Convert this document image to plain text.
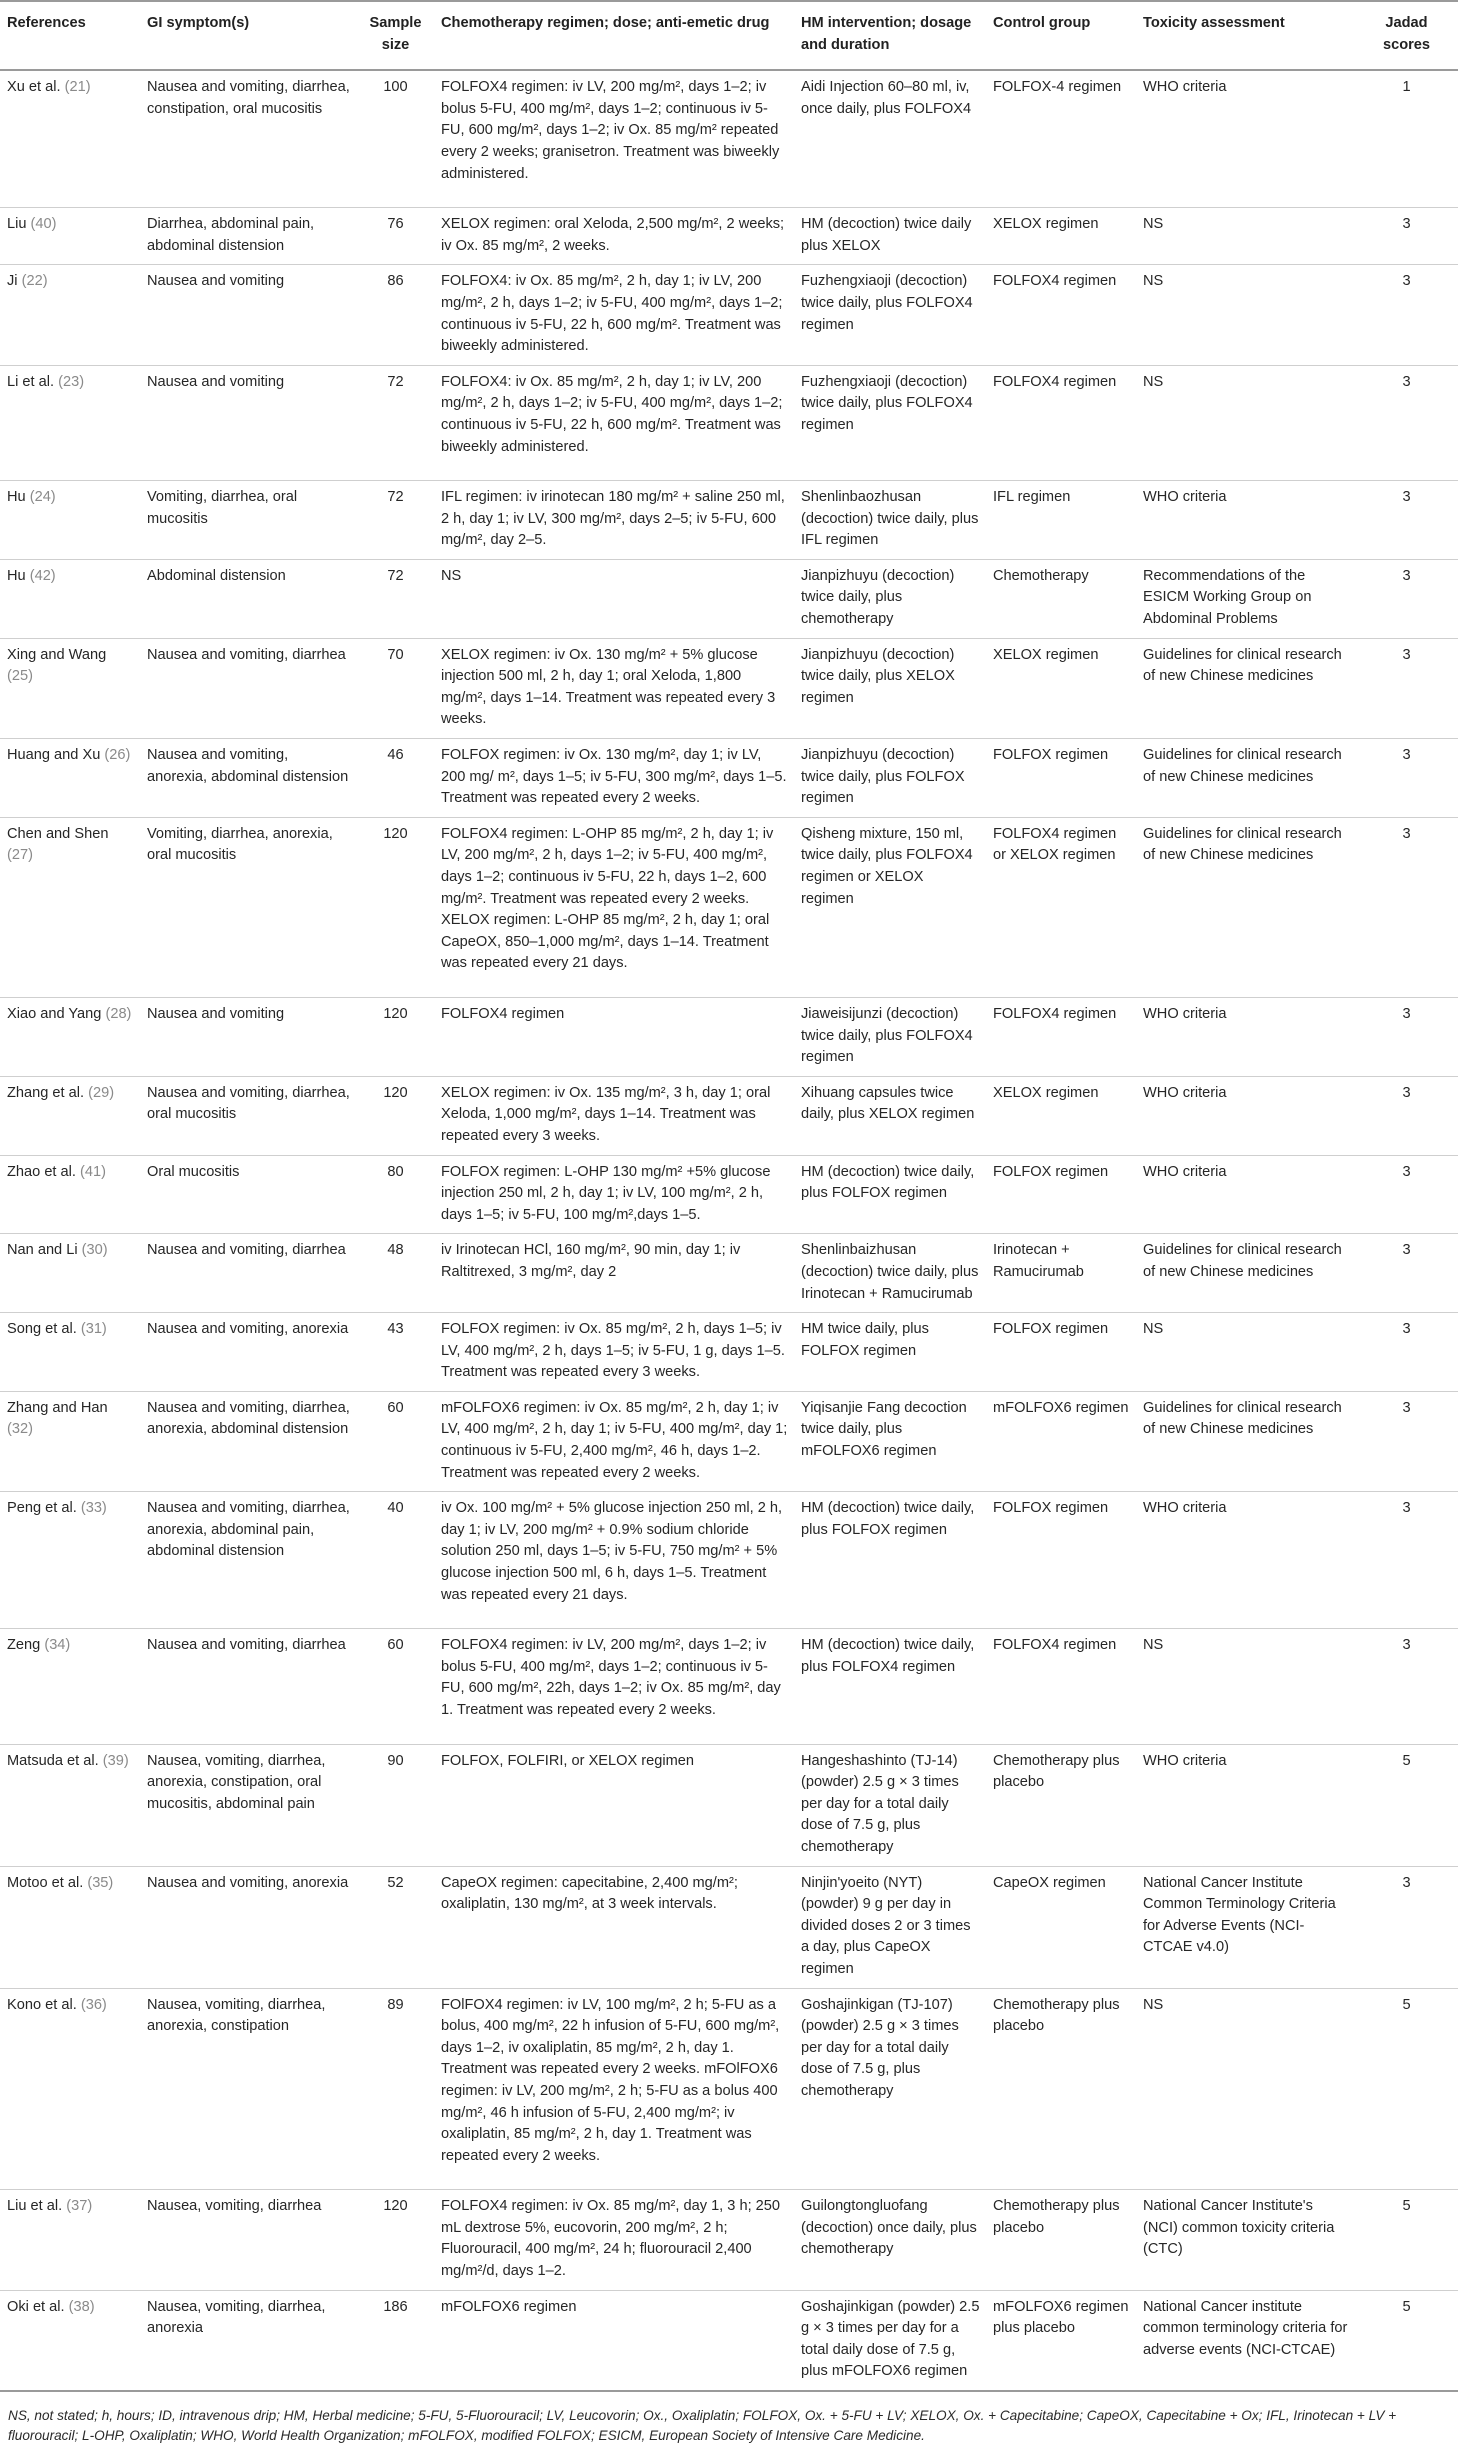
References	GI symptom(s)	Sample size	Chemotherapy regimen; dose; anti-emetic drug	HM intervention; dosage and duration	Control group	Toxicity assessment	Jadad scores
Xu et al. (21)	Nausea and vomiting, diarrhea, constipation, oral mucositis	100	FOLFOX4 regimen: iv LV, 200 mg/m², days 1–2; iv bolus 5-FU, 400 mg/m², days 1–2; continuous iv 5-FU, 600 mg/m², days 1–2; iv Ox. 85 mg/m² repeated every 2 weeks; granisetron. Treatment was biweekly administered.	Aidi Injection 60–80 ml, iv, once daily, plus FOLFOX4	FOLFOX-4 regimen	WHO criteria	1
Liu (40)	Diarrhea, abdominal pain, abdominal distension	76	XELOX regimen: oral Xeloda, 2,500 mg/m², 2 weeks; iv Ox. 85 mg/m², 2 weeks.	HM (decoction) twice daily plus XELOX	XELOX regimen	NS	3
Ji (22)	Nausea and vomiting	86	FOLFOX4: iv Ox. 85 mg/m², 2 h, day 1; iv LV, 200 mg/m², 2 h, days 1–2; iv 5-FU, 400 mg/m², days 1–2; continuous iv 5-FU, 22 h, 600 mg/m². Treatment was biweekly administered.	Fuzhengxiaoji (decoction) twice daily, plus FOLFOX4 regimen	FOLFOX4 regimen	NS	3
Li et al. (23)	Nausea and vomiting	72	FOLFOX4: iv Ox. 85 mg/m², 2 h, day 1; iv LV, 200 mg/m², 2 h, days 1–2; iv 5-FU, 400 mg/m², days 1–2; continuous iv 5-FU, 22 h, 600 mg/m². Treatment was biweekly administered.	Fuzhengxiaoji (decoction) twice daily, plus FOLFOX4 regimen	FOLFOX4 regimen	NS	3
Hu (24)	Vomiting, diarrhea, oral mucositis	72	IFL regimen: iv irinotecan 180 mg/m² + saline 250 ml, 2 h, day 1; iv LV, 300 mg/m², days 2–5; iv 5-FU, 600 mg/m², day 2–5.	Shenlinbaozhusan (decoction) twice daily, plus IFL regimen	IFL regimen	WHO criteria	3
Hu (42)	Abdominal distension	72	NS	Jianpizhuyu (decoction) twice daily, plus chemotherapy	Chemotherapy	Recommendations of the ESICM Working Group on Abdominal Problems	3
Xing and Wang (25)	Nausea and vomiting, diarrhea	70	XELOX regimen: iv Ox. 130 mg/m² + 5% glucose injection 500 ml, 2 h, day 1; oral Xeloda, 1,800 mg/m², days 1–14. Treatment was repeated every 3 weeks.	Jianpizhuyu (decoction) twice daily, plus XELOX regimen	XELOX regimen	Guidelines for clinical research of new Chinese medicines	3
Huang and Xu (26)	Nausea and vomiting, anorexia, abdominal distension	46	FOLFOX regimen: iv Ox. 130 mg/m², day 1; iv LV, 200 mg/ m², days 1–5; iv 5-FU, 300 mg/m², days 1–5. Treatment was repeated every 2 weeks.	Jianpizhuyu (decoction) twice daily, plus FOLFOX regimen	FOLFOX regimen	Guidelines for clinical research of new Chinese medicines	3
Chen and Shen (27)	Vomiting, diarrhea, anorexia, oral mucositis	120	FOLFOX4 regimen: L-OHP 85 mg/m², 2 h, day 1; iv LV, 200 mg/m², 2 h, days 1–2; iv 5-FU, 400 mg/m², days 1–2; continuous iv 5-FU, 22 h, days 1–2, 600 mg/m². Treatment was repeated every 2 weeks. XELOX regimen: L-OHP 85 mg/m², 2 h, day 1; oral CapeOX, 850–1,000 mg/m², days 1–14. Treatment was repeated every 21 days.	Qisheng mixture, 150 ml, twice daily, plus FOLFOX4 regimen or XELOX regimen	FOLFOX4 regimen or XELOX regimen	Guidelines for clinical research of new Chinese medicines	3
Xiao and Yang (28)	Nausea and vomiting	120	FOLFOX4 regimen	Jiaweisijunzi (decoction) twice daily, plus FOLFOX4 regimen	FOLFOX4 regimen	WHO criteria	3
Zhang et al. (29)	Nausea and vomiting, diarrhea, oral mucositis	120	XELOX regimen: iv Ox. 135 mg/m², 3 h, day 1; oral Xeloda, 1,000 mg/m², days 1–14. Treatment was repeated every 3 weeks.	Xihuang capsules twice daily, plus XELOX regimen	XELOX regimen	WHO criteria	3
Zhao et al. (41)	Oral mucositis	80	FOLFOX regimen: L-OHP 130 mg/m² +5% glucose injection 250 ml, 2 h, day 1; iv LV, 100 mg/m², 2 h, days 1–5; iv 5-FU, 100 mg/m²,days 1–5.	HM (decoction) twice daily, plus FOLFOX regimen	FOLFOX regimen	WHO criteria	3
Nan and Li (30)	Nausea and vomiting, diarrhea	48	iv Irinotecan HCl, 160 mg/m², 90 min, day 1; iv Raltitrexed, 3 mg/m², day 2	Shenlinbaizhusan (decoction) twice daily, plus Irinotecan + Ramucirumab	Irinotecan + Ramucirumab	Guidelines for clinical research of new Chinese medicines	3
Song et al. (31)	Nausea and vomiting, anorexia	43	FOLFOX regimen: iv Ox. 85 mg/m², 2 h, days 1–5; iv LV, 400 mg/m², 2 h, days 1–5; iv 5-FU, 1 g, days 1–5. Treatment was repeated every 3 weeks.	HM twice daily, plus FOLFOX regimen	FOLFOX regimen	NS	3
Zhang and Han (32)	Nausea and vomiting, diarrhea, anorexia, abdominal distension	60	mFOLFOX6 regimen: iv Ox. 85 mg/m², 2 h, day 1; iv LV, 400 mg/m², 2 h, day 1; iv 5-FU, 400 mg/m², day 1; continuous iv 5-FU, 2,400 mg/m², 46 h, days 1–2. Treatment was repeated every 2 weeks.	Yiqisanjie Fang decoction twice daily, plus mFOLFOX6 regimen	mFOLFOX6 regimen	Guidelines for clinical research of new Chinese medicines	3
Peng et al. (33)	Nausea and vomiting, diarrhea, anorexia, abdominal pain, abdominal distension	40	iv Ox. 100 mg/m² + 5% glucose injection 250 ml, 2 h, day 1; iv LV, 200 mg/m² + 0.9% sodium chloride solution 250 ml, days 1–5; iv 5-FU, 750 mg/m² + 5% glucose injection 500 ml, 6 h, days 1–5. Treatment was repeated every 21 days.	HM (decoction) twice daily, plus FOLFOX regimen	FOLFOX regimen	WHO criteria	3
Zeng (34)	Nausea and vomiting, diarrhea	60	FOLFOX4 regimen: iv LV, 200 mg/m², days 1–2; iv bolus 5-FU, 400 mg/m², days 1–2; continuous iv 5-FU, 600 mg/m², 22h, days 1–2; iv Ox. 85 mg/m², day 1. Treatment was repeated every 2 weeks.	HM (decoction) twice daily, plus FOLFOX4 regimen	FOLFOX4 regimen	NS	3
Matsuda et al. (39)	Nausea, vomiting, diarrhea, anorexia, constipation, oral mucositis, abdominal pain	90	FOLFOX, FOLFIRI, or XELOX regimen	Hangeshashinto (TJ-14) (powder) 2.5 g × 3 times per day for a total daily dose of 7.5 g, plus chemotherapy	Chemotherapy plus placebo	WHO criteria	5
Motoo et al. (35)	Nausea and vomiting, anorexia	52	CapeOX regimen: capecitabine, 2,400 mg/m²; oxaliplatin, 130 mg/m², at 3 week intervals.	Ninjin'yoeito (NYT) (powder) 9 g per day in divided doses 2 or 3 times a day, plus CapeOX regimen	CapeOX regimen	National Cancer Institute Common Terminology Criteria for Adverse Events (NCI-CTCAE v4.0)	3
Kono et al. (36)	Nausea, vomiting, diarrhea, anorexia, constipation	89	FOlFOX4 regimen: iv LV, 100 mg/m², 2 h; 5-FU as a bolus, 400 mg/m², 22 h infusion of 5-FU, 600 mg/m², days 1–2, iv oxaliplatin, 85 mg/m², 2 h, day 1. Treatment was repeated every 2 weeks. mFOlFOX6 regimen: iv LV, 200 mg/m², 2 h; 5-FU as a bolus 400 mg/m², 46 h infusion of 5-FU, 2,400 mg/m²; iv oxaliplatin, 85 mg/m², 2 h, day 1. Treatment was repeated every 2 weeks.	Goshajinkigan (TJ-107) (powder) 2.5 g × 3 times per day for a total daily dose of 7.5 g, plus chemotherapy	Chemotherapy plus placebo	NS	5
Liu et al. (37)	Nausea, vomiting, diarrhea	120	FOLFOX4 regimen: iv Ox. 85 mg/m², day 1, 3 h; 250 mL dextrose 5%, eucovorin, 200 mg/m², 2 h; Fluorouracil, 400 mg/m², 24 h; fluorouracil 2,400 mg/m²/d, days 1–2.	Guilongtongluofang (decoction) once daily, plus chemotherapy	Chemotherapy plus placebo	National Cancer Institute's (NCI) common toxicity criteria (CTC)	5
Oki et al. (38)	Nausea, vomiting, diarrhea, anorexia	186	mFOLFOX6 regimen	Goshajinkigan (powder) 2.5 g × 3 times per day for a total daily dose of 7.5 g, plus mFOLFOX6 regimen	mFOLFOX6 regimen plus placebo	National Cancer institute common terminology criteria for adverse events (NCI-CTCAE)	5

NS, not stated; h, hours; ID, intravenous drip; HM, Herbal medicine; 5-FU, 5-Fluorouracil; LV, Leucovorin; Ox., Oxaliplatin; FOLFOX, Ox. + 5-FU + LV; XELOX, Ox. + Capecitabine; CapeOX, Capecitabine + Ox; IFL, Irinotecan + LV + fluorouracil; L-OHP, Oxaliplatin; WHO, World Health Organization; mFOLFOX, modified FOLFOX; ESICM, European Society of Intensive Care Medicine.
